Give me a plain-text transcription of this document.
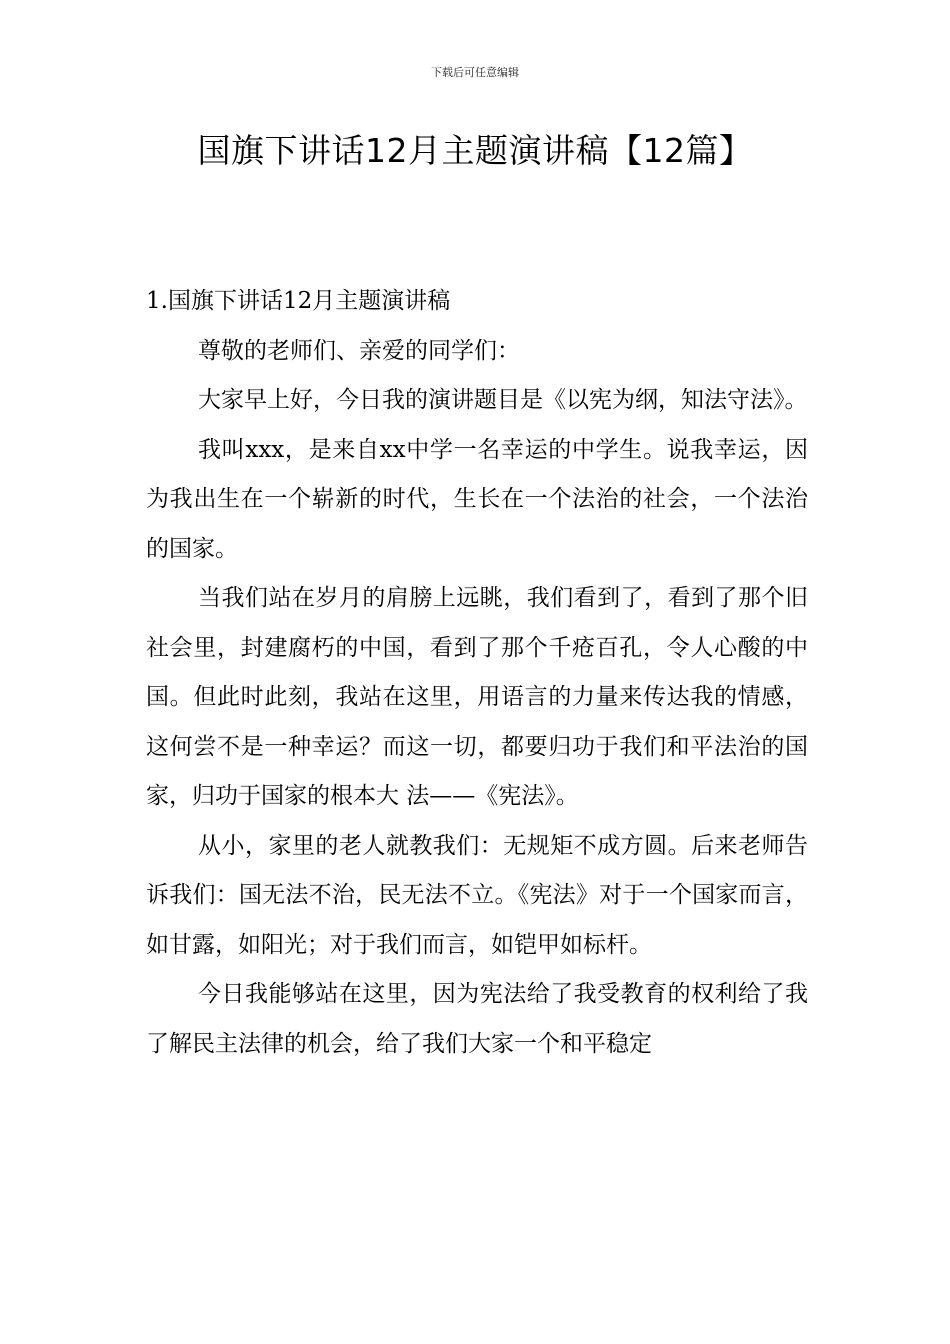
下载后可任意编辑
国旗下讲话12月主题演讲稿【12篇】

1.国旗下讲话12月主题演讲稿

尊敬的老师们、亲爱的同学们：

大家早上好，今日我的演讲题目是《以宪为纲，知法守法》。

我叫xxx，是来自xx中学一名幸运的中学生。说我幸运，因为我出生在一个崭新的时代，生长在一个法治的社会，一个法治的国家。

当我们站在岁月的肩膀上远眺，我们看到了，看到了那个旧社会里，封建腐朽的中国，看到了那个千疮百孔，令人心酸的中国。但此时此刻，我站在这里，用语言的力量来传达我的情感，这何尝不是一种幸运？而这一切，都要归功于我们和平法治的国家，归功于国家的根本大 法——《宪法》。

从小，家里的老人就教我们：无规矩不成方圆。后来老师告诉我们：国无法不治，民无法不立。《宪法》对于一个国家而言，如甘露，如阳光；对于我们而言，如铠甲如标杆。

今日我能够站在这里，因为宪法给了我受教育的权利给了我了解民主法律的机会，给了我们大家一个和平稳定
